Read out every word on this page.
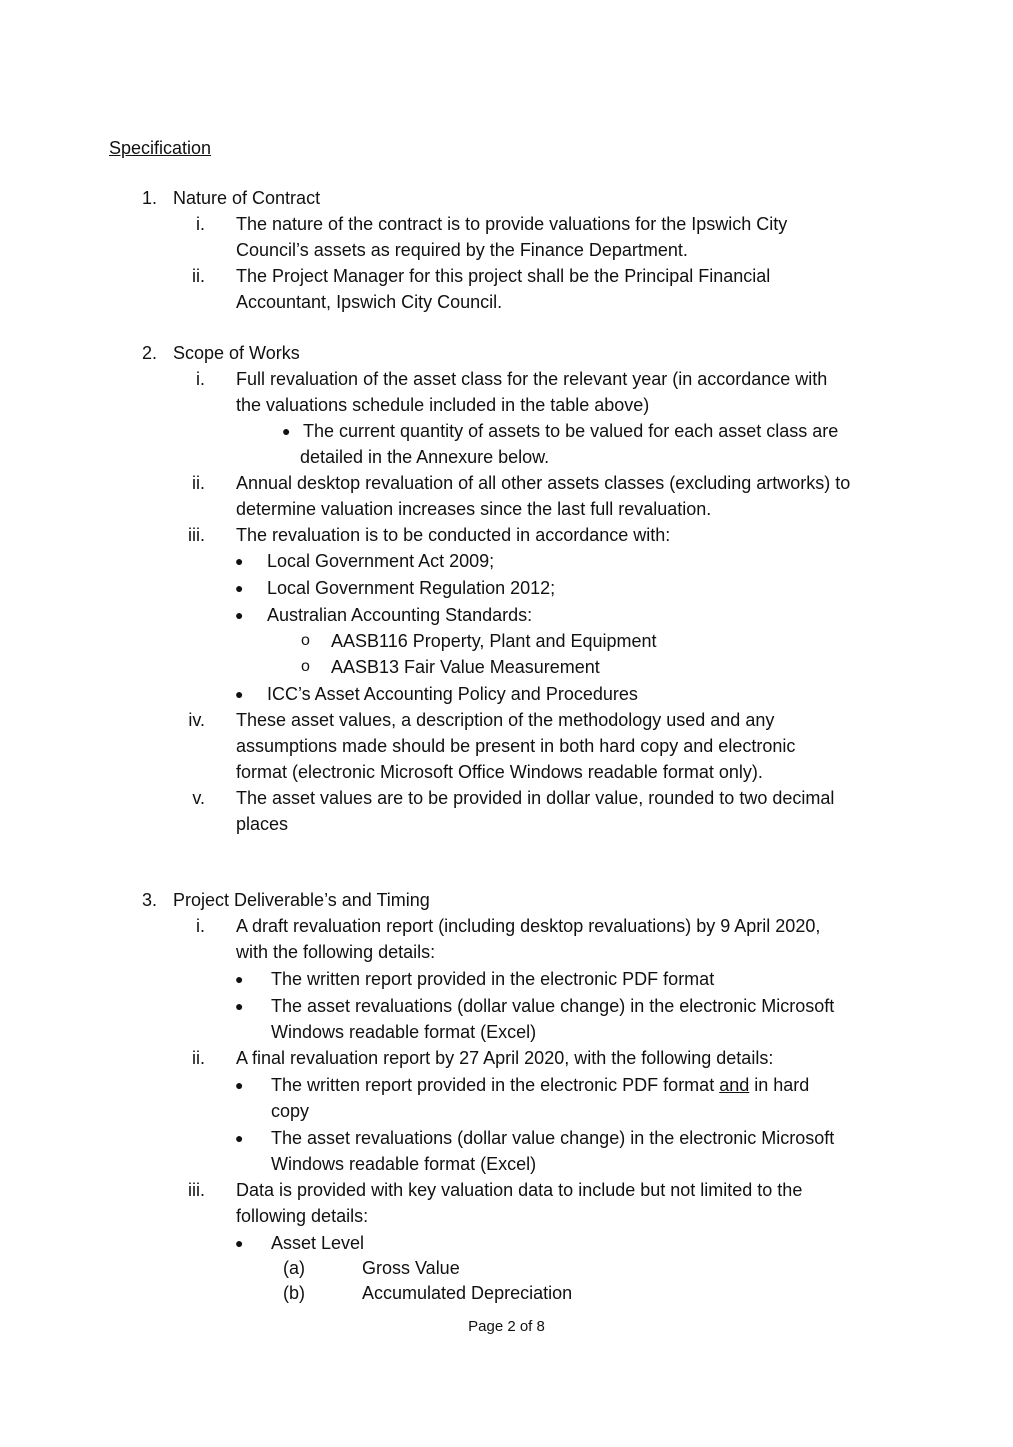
Specification
1. Nature of Contract
i. The nature of the contract is to provide valuations for the Ipswich City
Council’s assets as required by the Finance Department.
ii. The Project Manager for this project shall be the Principal Financial
Accountant, Ipswich City Council.
2. Scope of Works
i. Full revaluation of the asset class for the relevant year (in accordance with
the valuations schedule included in the table above)
● The current quantity of assets to be valued for each asset class are
detailed in the Annexure below.
ii. Annual desktop revaluation of all other assets classes (excluding artworks) to
determine valuation increases since the last full revaluation.
iii. The revaluation is to be conducted in accordance with:
● Local Government Act 2009;
● Local Government Regulation 2012;
● Australian Accounting Standards:
o AASB116 Property, Plant and Equipment
o AASB13 Fair Value Measurement
● ICC’s Asset Accounting Policy and Procedures
iv. These asset values, a description of the methodology used and any
assumptions made should be present in both hard copy and electronic
format (electronic Microsoft Office Windows readable format only).
v. The asset values are to be provided in dollar value, rounded to two decimal
places
3. Project Deliverable’s and Timing
i. A draft revaluation report (including desktop revaluations) by 9 April 2020,
with the following details:
● The written report provided in the electronic PDF format
● The asset revaluations (dollar value change) in the electronic Microsoft
Windows readable format (Excel)
ii. A final revaluation report by 27 April 2020, with the following details:
● The written report provided in the electronic PDF format and in hard
copy
● The asset revaluations (dollar value change) in the electronic Microsoft
Windows readable format (Excel)
iii. Data is provided with key valuation data to include but not limited to the
following details:
● Asset Level
(a)	Gross Value
(b)	Accumulated Depreciation
Page 2 of 8
